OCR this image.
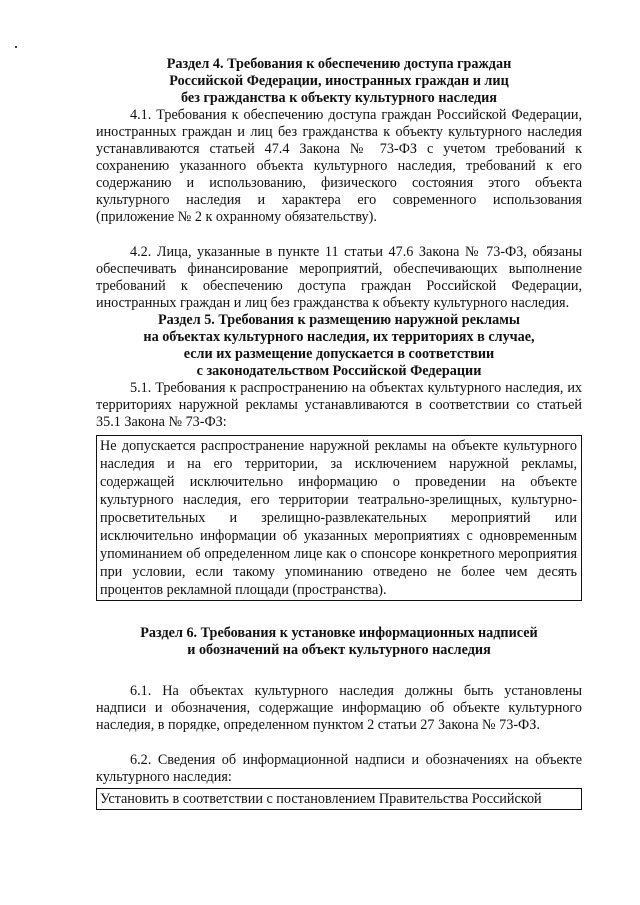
Раздел 4. Требования к обеспечению доступа граждан
Российской Федерации, иностранных граждан и лиц
без гражданства к объекту культурного наследия
4.1. Требования к обеспечению доступа граждан Российской Федерации, иностранных граждан и лиц без гражданства к объекту культурного наследия устанавливаются статьей 47.4 Закона № 73-ФЗ с учетом требований к сохранению указанного объекта культурного наследия, требований к его содержанию и использованию, физического состояния этого объекта культурного наследия и характера его современного использования (приложение № 2 к охранному обязательству).
4.2. Лица, указанные в пункте 11 статьи 47.6 Закона № 73-ФЗ, обязаны обеспечивать финансирование мероприятий, обеспечивающих выполнение требований к обеспечению доступа граждан Российской Федерации, иностранных граждан и лиц без гражданства к объекту культурного наследия.
Раздел 5. Требования к размещению наружной рекламы
на объектах культурного наследия, их территориях в случае,
если их размещение допускается в соответствии
с законодательством Российской Федерации
5.1. Требования к распространению на объектах культурного наследия, их территориях наружной рекламы устанавливаются в соответствии со статьей 35.1 Закона № 73-ФЗ:
Не допускается распространение наружной рекламы на объекте культурного наследия и на его территории, за исключением наружной рекламы, содержащей исключительно информацию о проведении на объекте культурного наследия, его территории театрально-зрелищных, культурно-просветительных и зрелищно-развлекательных мероприятий или исключительно информации об указанных мероприятиях с одновременным упоминанием об определенном лице как о спонсоре конкретного мероприятия при условии, если такому упоминанию отведено не более чем десять процентов рекламной площади (пространства).
Раздел 6. Требования к установке информационных надписей
и обозначений на объект культурного наследия
6.1. На объектах культурного наследия должны быть установлены надписи и обозначения, содержащие информацию об объекте культурного наследия, в порядке, определенном пунктом 2 статьи 27 Закона № 73-ФЗ.
6.2. Сведения об информационной надписи и обозначениях на объекте культурного наследия:
Установить в соответствии с постановлением Правительства Российской
